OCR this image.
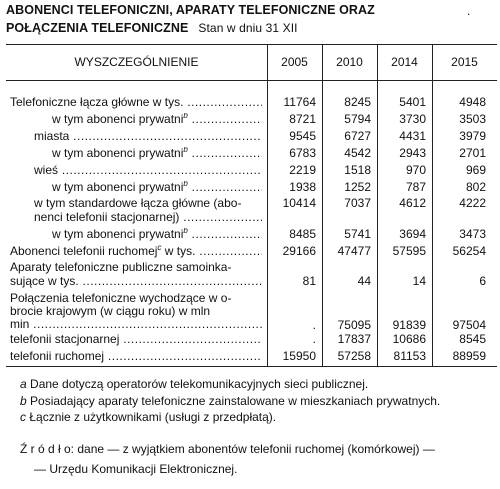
ABONENCI TELEFONICZNI, APARATY TELEFONICZNE ORAZ
POŁĄCZENIA TELEFONICZNE Stan w dniu 31 XII
.
WYSZCZEGÓLNIENIE	2005	2010	2014	2015
Telefoniczne łącza główne w tys. .....	11764	8245	5401	4948
w tym abonenci prywatni$^b$ .....	8721	5794	3730	3503
miasta .....	9545	6727	4431	3979
w tym abonenci prywatni$^b$ .....	6783	4542	2943	2701
wieś .....	2219	1518	970	969
w tym abonenci prywatni$^b$ .....	1938	1252	787	802
w tym standardowe łącza główne (abo-
nenci telefonii stacjonarnej) .....
10414	7037	4612	4222
w tym abonenci prywatni$^b$ .....	8485	5741	3694	3473
Abonenci telefonii ruchomej$^c$ w tys. .....	29166	47477	57595	56254
Aparaty telefoniczne publiczne samoinka-
sujące w tys. .....	81	44	14	6
Połączenia telefoniczne wychodzące w o-
brocie krajowym (w ciągu roku) w mln
min .....	.	75095	91839	97504
telefonii stacjonarnej .....	.	17837	10686	8545
telefonii ruchomej .....	15950	57258	81153	88959
a Dane dotyczą operatorów telekomunikacyjnych sieci publicznej.
b Posiadający aparaty telefoniczne zainstalowane w mieszkaniach prywatnych.
c Łącznie z użytkownikami (usługi z przedpłatą).
Ź r ó d ł o: dane — z wyjątkiem abonentów telefonii ruchomej (komórkowej) —
— Urzędu Komunikacji Elektronicznej.
